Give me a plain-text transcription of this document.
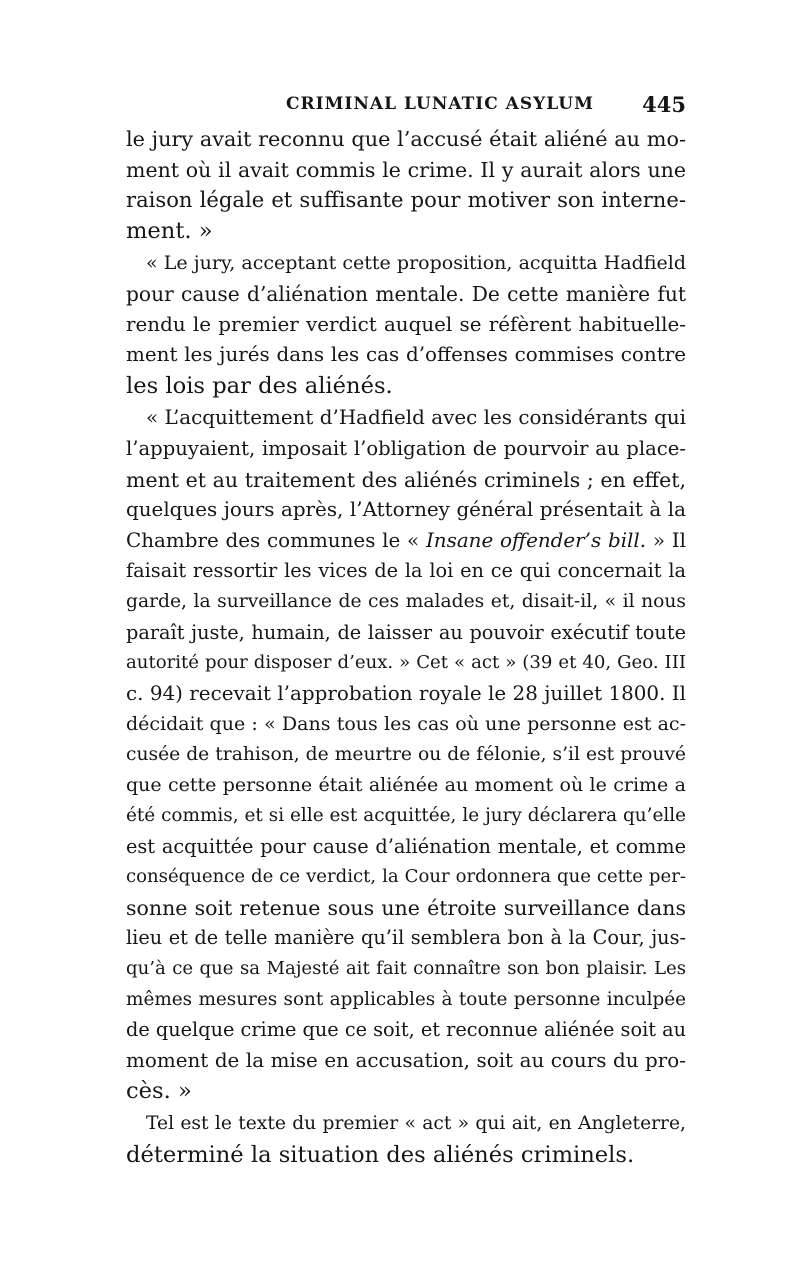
CRIMINAL LUNATIC ASYLUM 445
le jury avait reconnu que l’accusé était aliéné au mo-
ment où il avait commis le crime. Il y aurait alors une
raison légale et suffisante pour motiver son interne-
ment. »
« Le jury, acceptant cette proposition, acquitta Hadfield
pour cause d’aliénation mentale. De cette manière fut
rendu le premier verdict auquel se réfèrent habituelle-
ment les jurés dans les cas d’offenses commises contre
les lois par des aliénés.
« L’acquittement d’Hadfield avec les considérants qui
l’appuyaient, imposait l’obligation de pourvoir au place-
ment et au traitement des aliénés criminels ; en effet,
quelques jours après, l’Attorney général présentait à la
Chambre des communes le « Insane offender’s bill. » Il
faisait ressortir les vices de la loi en ce qui concernait la
garde, la surveillance de ces malades et, disait-il, « il nous
paraît juste, humain, de laisser au pouvoir exécutif toute
autorité pour disposer d’eux. » Cet « act » (39 et 40, Geo. III
c. 94) recevait l’approbation royale le 28 juillet 1800. Il
décidait que : « Dans tous les cas où une personne est ac-
cusée de trahison, de meurtre ou de félonie, s’il est prouvé
que cette personne était aliénée au moment où le crime a
été commis, et si elle est acquittée, le jury déclarera qu’elle
est acquittée pour cause d’aliénation mentale, et comme
conséquence de ce verdict, la Cour ordonnera que cette per-
sonne soit retenue sous une étroite surveillance dans
lieu et de telle manière qu’il semblera bon à la Cour, jus-
qu’à ce que sa Majesté ait fait connaître son bon plaisir. Les
mêmes mesures sont applicables à toute personne inculpée
de quelque crime que ce soit, et reconnue aliénée soit au
moment de la mise en accusation, soit au cours du pro-
cès. »
Tel est le texte du premier « act » qui ait, en Angleterre,
déterminé la situation des aliénés criminels.
